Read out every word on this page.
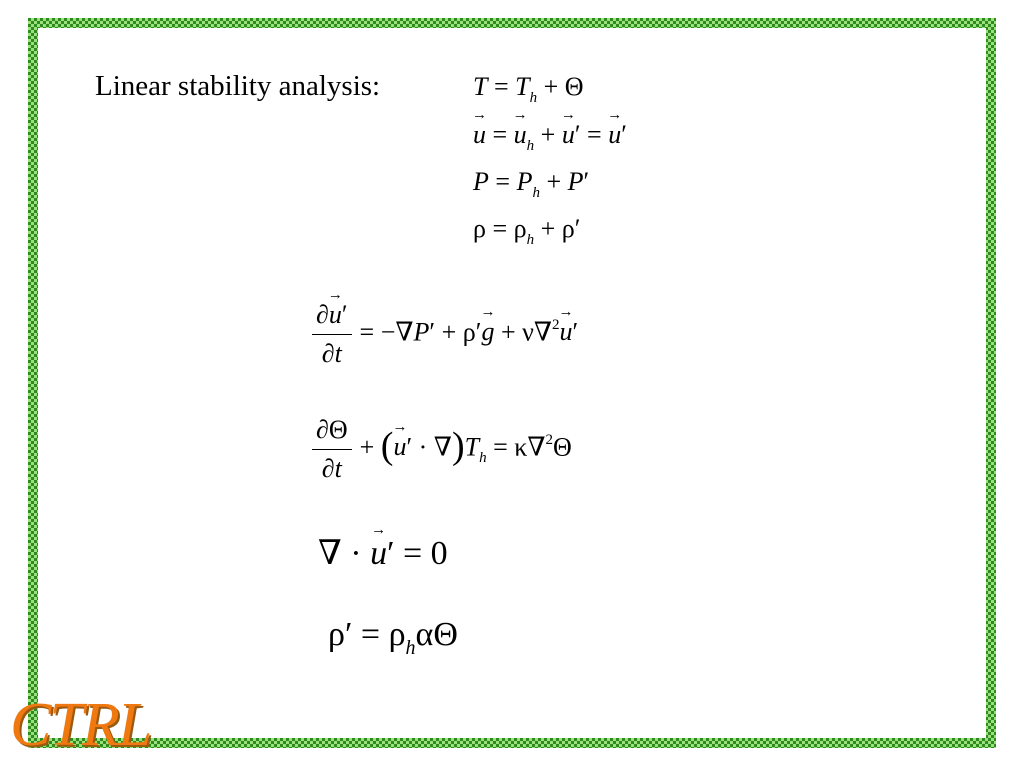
Linear stability analysis:	$T = T_h + \Theta$
→ u = → $u_h$ + → u′ = → u′
$P = P_h + P'$
$\rho = \rho_h + \rho'$
$\frac{\partial\to u'}{\partial t} = -\nabla P' + \rho'\to g + \nu\nabla^2\to u'$
$\frac{\partial\Theta}{\partial t}$ + (→ $u' \cdot \nabla)T_h = \kappa\nabla^2\Theta$
∇ · → u′ = 0
$\rho' = \rho_h\alpha\Theta$
CTRL
